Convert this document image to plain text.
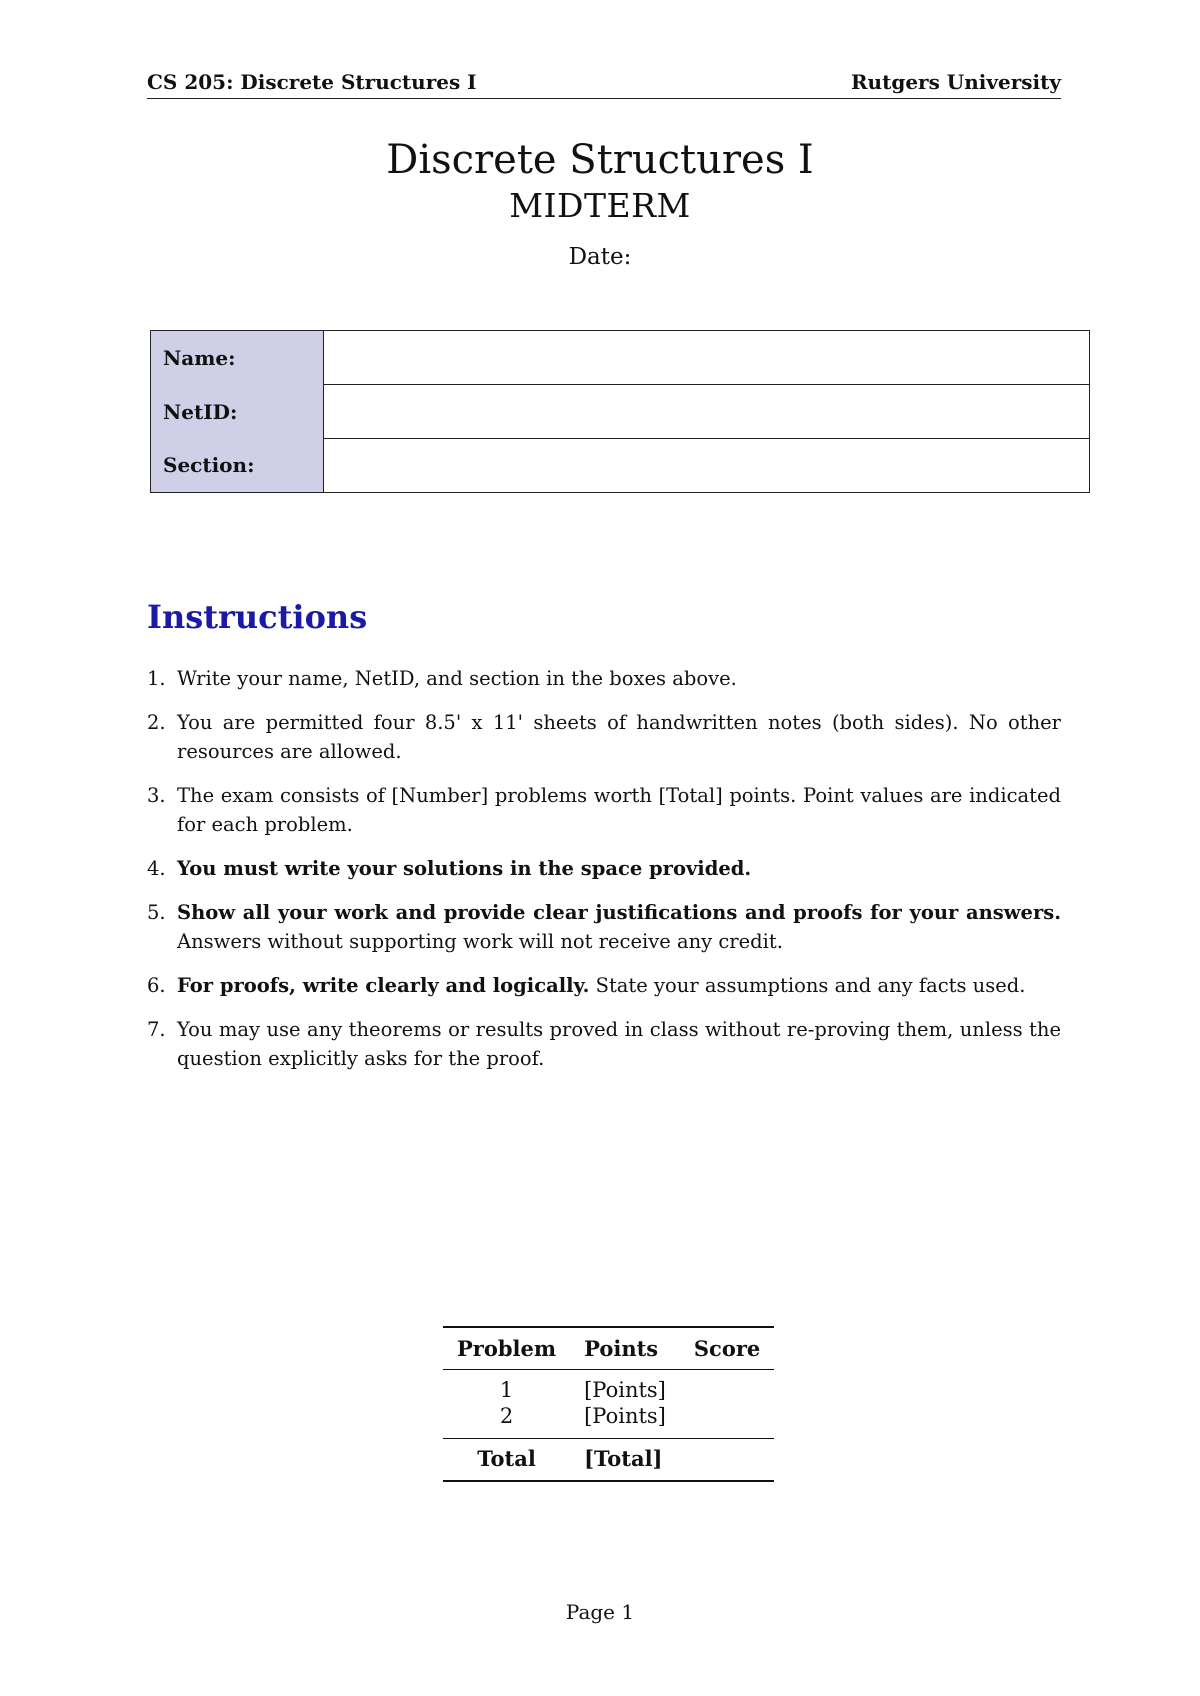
CS 205: Discrete Structures I	Rutgers University
Discrete Structures I
MIDTERM
Date:
Name:	
NetID:	
Section:	
Instructions
1. Write your name, NetID, and section in the boxes above.
2. You are permitted four 8.5' x 11' sheets of handwritten notes (both sides). No other resources are allowed.
3. The exam consists of [Number] problems worth [Total] points. Point values are indicated for each problem.
4. You must write your solutions in the space provided.
5. Show all your work and provide clear justifications and proofs for your answers. Answers without supporting work will not receive any credit.
6. For proofs, write clearly and logically. State your assumptions and any facts used.
7. You may use any theorems or results proved in class without re-proving them, unless the question explicitly asks for the proof.
Problem	Points	Score
1	[Points]	
2	[Points]	
Total	[Total]	
Page 1
